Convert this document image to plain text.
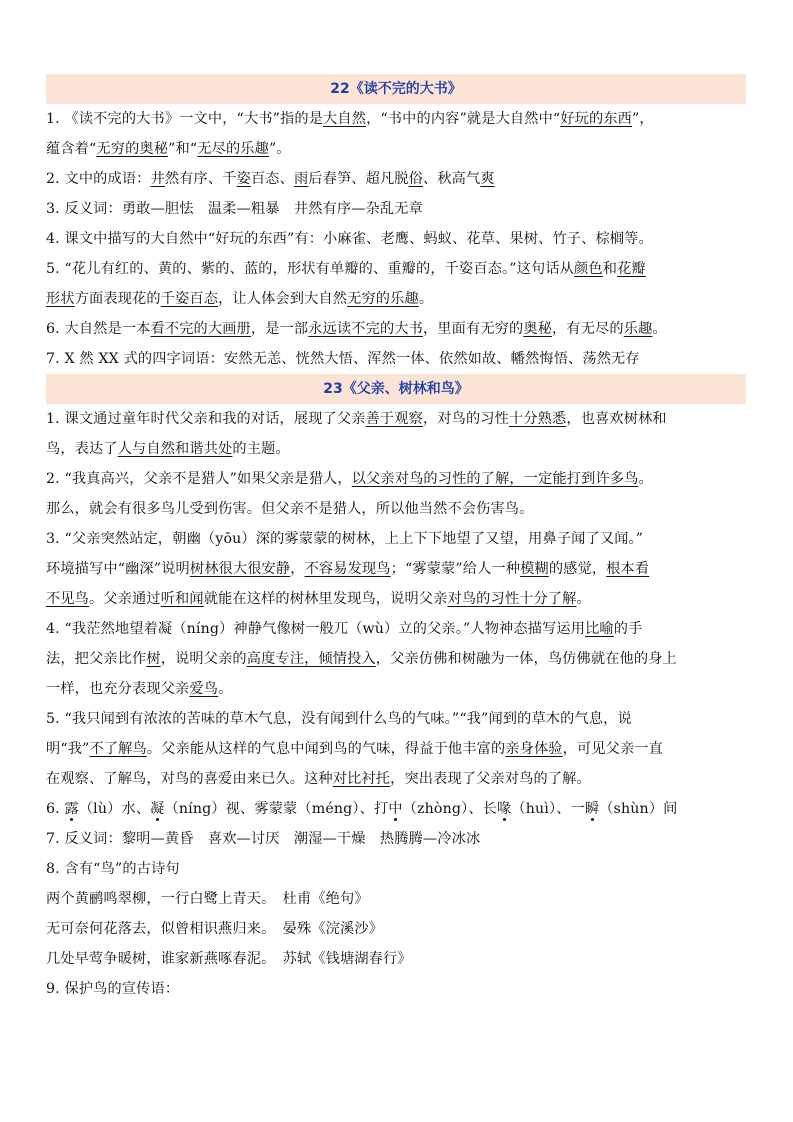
22《读不完的大书》
1. 《读不完的大书》一文中，“大书”指的是大自然，“书中的内容”就是大自然中“好玩的东西”，
蕴含着“无穷的奥秘”和“无尽的乐趣”。
2. 文中的成语：井然有序、千姿百态、雨后春笋、超凡脱俗、秋高气爽
3. 反义词：勇敢—胆怯　温柔—粗暴　井然有序—杂乱无章
4. 课文中描写的大自然中“好玩的东西”有：小麻雀、老鹰、蚂蚁、花草、果树、竹子、棕榈等。
5. “花儿有红的、黄的、紫的、蓝的，形状有单瓣的、重瓣的，千姿百态。”这句话从颜色和花瓣
形状方面表现花的千姿百态，让人体会到大自然无穷的乐趣。
6. 大自然是一本看不完的大画册，是一部永远读不完的大书，里面有无穷的奥秘，有无尽的乐趣。
7. X 然 XX 式的四字词语：安然无恙、恍然大悟、浑然一体、依然如故、幡然悔悟、荡然无存
23《父亲、树林和鸟》
1. 课文通过童年时代父亲和我的对话，展现了父亲善于观察，对鸟的习性十分熟悉，也喜欢树林和
鸟，表达了人与自然和谐共处的主题。
2. “我真高兴，父亲不是猎人”如果父亲是猎人，以父亲对鸟的习性的了解，一定能打到许多鸟。
那么，就会有很多鸟儿受到伤害。但父亲不是猎人，所以他当然不会伤害鸟。
3. “父亲突然站定，朝幽（yōu）深的雾蒙蒙的树林，上上下下地望了又望，用鼻子闻了又闻。”
环境描写中“幽深”说明树林很大很安静，不容易发现鸟；“雾蒙蒙”给人一种模糊的感觉，根本看
不见鸟。父亲通过听和闻就能在这样的树林里发现鸟，说明父亲对鸟的习性十分了解。
4. “我茫然地望着凝（níng）神静气像树一般兀（wù）立的父亲。”人物神态描写运用比喻的手
法，把父亲比作树，说明父亲的高度专注，倾情投入，父亲仿佛和树融为一体，鸟仿佛就在他的身上
一样，也充分表现父亲爱鸟。
5. “我只闻到有浓浓的苦味的草木气息，没有闻到什么鸟的气味。”“我”闻到的草木的气息，说
明“我”不了解鸟。父亲能从这样的气息中闻到鸟的气味，得益于他丰富的亲身体验，可见父亲一直
在观察、了解鸟，对鸟的喜爱由来已久。这种对比衬托，突出表现了父亲对鸟的了解。
6. 露（lù）水、凝（níng）视、雾蒙蒙（méng）、打中（zhòng）、长喙（huì）、一瞬（shùn）间
7. 反义词：黎明—黄昏　喜欢—讨厌　潮湿—干燥　热腾腾—冷冰冰
8. 含有“鸟”的古诗句
两个黄鹂鸣翠柳，一行白鹭上青天。　杜甫《绝句》
无可奈何花落去，似曾相识燕归来。　晏殊《浣溪沙》
几处早莺争暖树，谁家新燕啄春泥。　苏轼《钱塘湖春行》
9. 保护鸟的宣传语：
